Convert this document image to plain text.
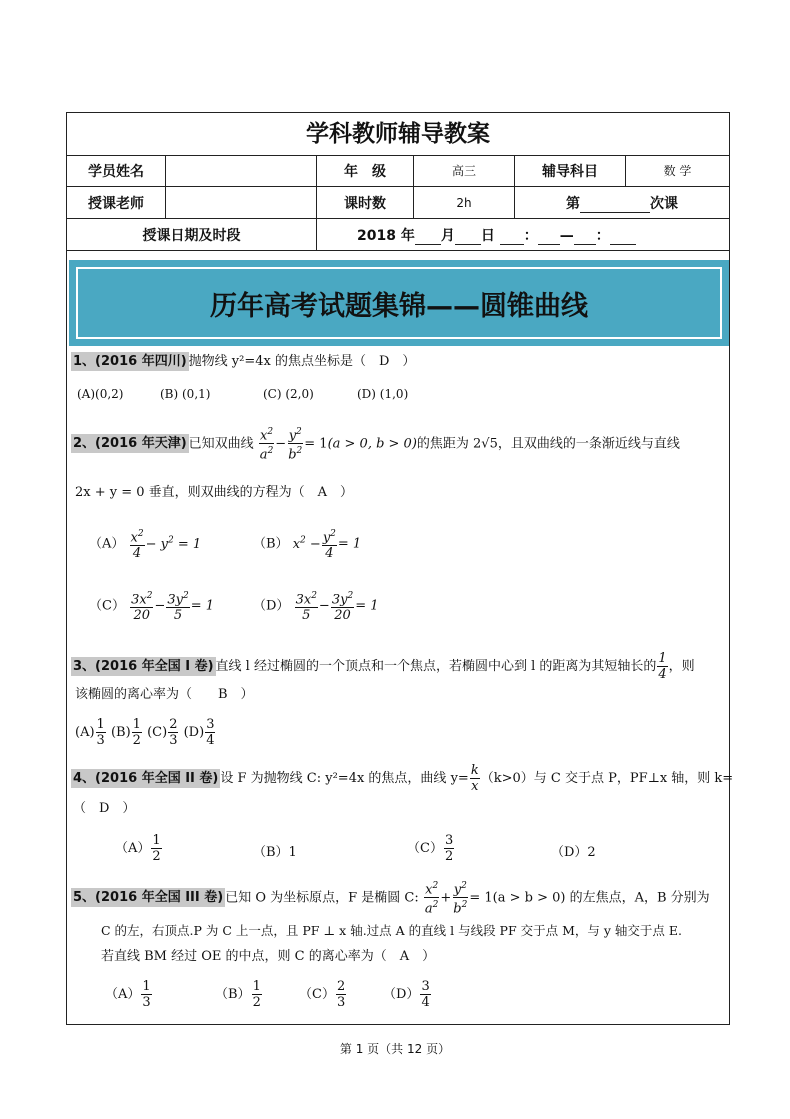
学科教师辅导教案
学员姓名		年　级	高三	辅导科目	数 学
授课老师		课时数	2h	第 次课	
授课日期及时段		2018 年 月 日 ： — ：			
历年高考试题集锦——圆锥曲线
1、(2016 年四川) 抛物线 y²=4x 的焦点坐标是（　D　）
(A)(0,2)	(B) (0,1)	(C) (2,0)	(D) (1,0)
2、(2016 年天津) 已知双曲线 $\frac{x^2}{a^2} - \frac{y^2}{b^2} = 1(a > 0$, b > 0)的焦距为 2√5，且双曲线的一条渐近线与直线
2x + y = 0 垂直，则双曲线的方程为（　A　）
$(A) \frac{x^2}{4} - y^2 = 1$	（B） $x^2 - \frac{y^2}{4} = 1$
$(C) \frac{3x^2}{20} - \frac{3y^2}{5} = 1$	$(D) \frac{3x^2}{5} - \frac{3y^2}{20} = 1$
3、(2016 年全国 I 卷) 直线 l 经过椭圆的一个顶点和一个焦点，若椭圆中心到 l 的距离为其短轴长的 $\frac{1}{4}$ ，则
该椭圆的离心率为（　　B　）
$(A) \frac{1}{3} (B) \frac{1}{2} (C) \frac{2}{3} (D) \frac{3}{4}$
4、(2016 年全国 II 卷) 设 F 为抛物线 C: y²=4x 的焦点，曲线 $y= \frac{k}{x} (k>0)$与 C 交于点 P，PF⊥x 轴，则 k=
（　D　）
$(A) \frac{1}{2}$	（B）1	$(C) \frac{3}{2}$	（D）2
5、(2016 年全国 III 卷) 已知 O 为坐标原点，F 是椭圆 C: $\frac{x^2}{a^2} + \frac{y^2}{b^2} = 1(a > b > 0)$ 的左焦点，A，B 分别为
C 的左，右顶点.P 为 C 上一点，且 PF ⊥ x 轴.过点 A 的直线 l 与线段 PF 交于点 M，与 y 轴交于点 E.
若直线 BM 经过 OE 的中点，则 C 的离心率为（　A　）
$(A) \frac{1}{3}$	$(B) \frac{1}{2}$	$(C) \frac{2}{3}$	$(D) \frac{3}{4}$
第 1 页（共 12 页）
